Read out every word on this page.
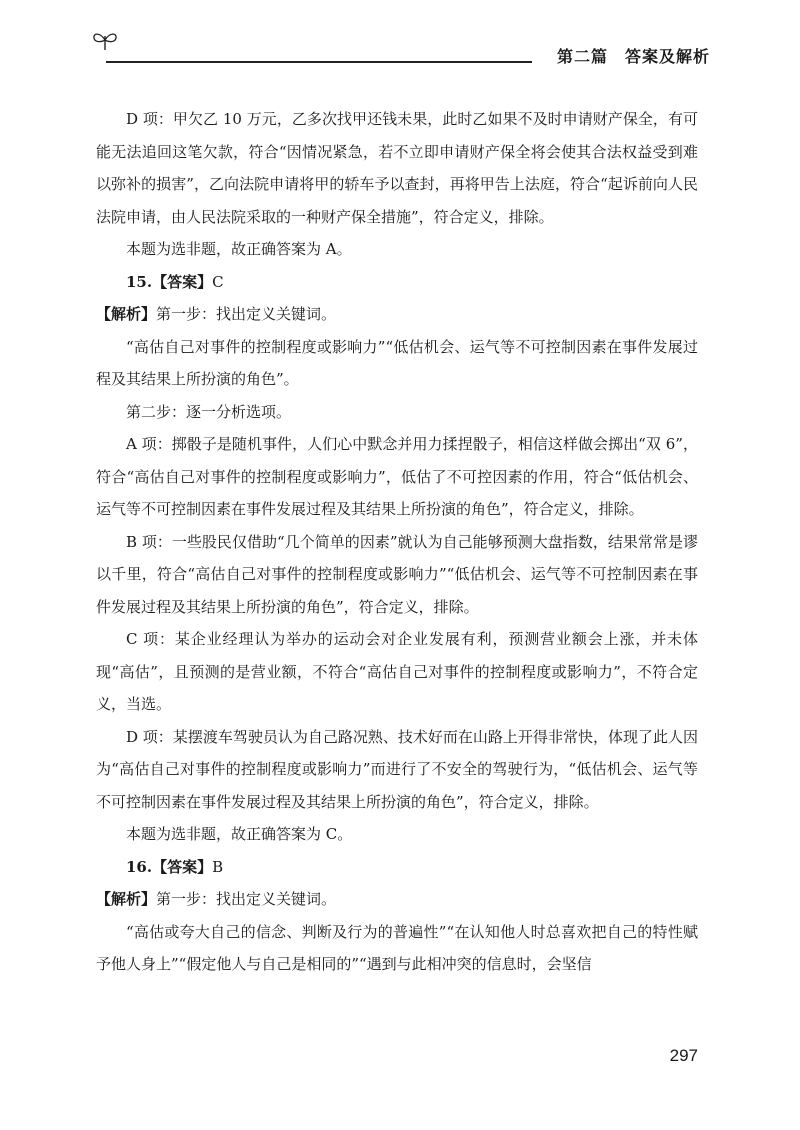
第二篇　答案及解析

D 项：甲欠乙 10 万元，乙多次找甲还钱未果，此时乙如果不及时申请财产保全，有可能无法追回这笔欠款，符合“因情况紧急，若不立即申请财产保全将会使其合法权益受到难以弥补的损害”，乙向法院申请将甲的轿车予以查封，再将甲告上法庭，符合“起诉前向人民法院申请，由人民法院采取的一种财产保全措施”，符合定义，排除。

本题为选非题，故正确答案为 A。

15.【答案】C

【解析】第一步：找出定义关键词。

“高估自己对事件的控制程度或影响力”“低估机会、运气等不可控制因素在事件发展过程及其结果上所扮演的角色”。

第二步：逐一分析选项。

A 项：掷骰子是随机事件，人们心中默念并用力揉捏骰子，相信这样做会掷出“双 6”，符合“高估自己对事件的控制程度或影响力”，低估了不可控因素的作用，符合“低估机会、运气等不可控制因素在事件发展过程及其结果上所扮演的角色”，符合定义，排除。

B 项：一些股民仅借助“几个简单的因素”就认为自己能够预测大盘指数，结果常常是谬以千里，符合“高估自己对事件的控制程度或影响力”“低估机会、运气等不可控制因素在事件发展过程及其结果上所扮演的角色”，符合定义，排除。

C 项：某企业经理认为举办的运动会对企业发展有利，预测营业额会上涨，并未体现“高估”，且预测的是营业额，不符合“高估自己对事件的控制程度或影响力”，不符合定义，当选。

D 项：某摆渡车驾驶员认为自己路况熟、技术好而在山路上开得非常快，体现了此人因为“高估自己对事件的控制程度或影响力”而进行了不安全的驾驶行为，“低估机会、运气等不可控制因素在事件发展过程及其结果上所扮演的角色”，符合定义，排除。

本题为选非题，故正确答案为 C。

16.【答案】B

【解析】第一步：找出定义关键词。

“高估或夸大自己的信念、判断及行为的普遍性”“在认知他人时总喜欢把自己的特性赋予他人身上”“假定他人与自己是相同的”“遇到与此相冲突的信息时，会坚信

297
